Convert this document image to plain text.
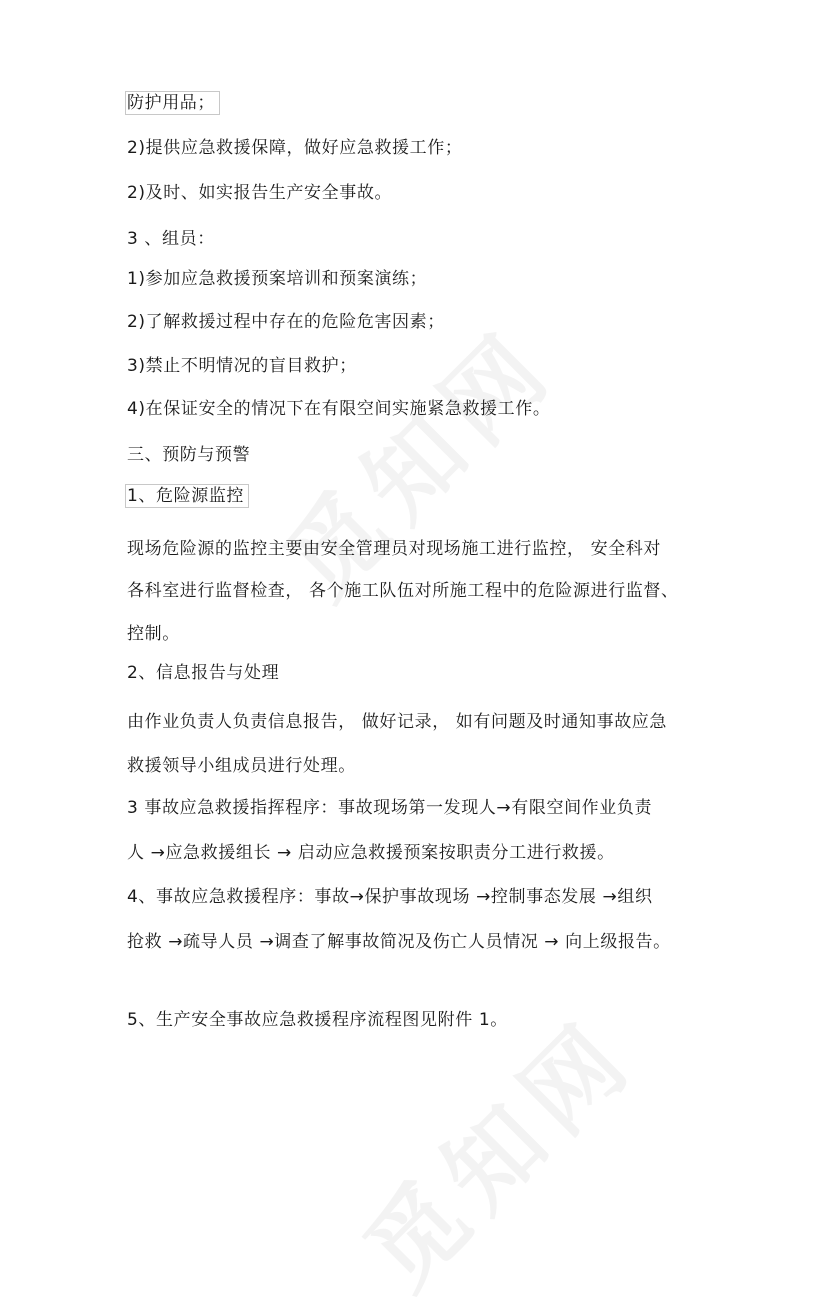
防护用品；
2)提供应急救援保障，做好应急救援工作；
2)及时、如实报告生产安全事故。
3 、组员：
1)参加应急救援预案培训和预案演练；
2)了解救援过程中存在的危险危害因素；
3)禁止不明情况的盲目救护；
4)在保证安全的情况下在有限空间实施紧急救援工作。
三、预防与预警
1、危险源监控
现场危险源的监控主要由安全管理员对现场施工进行监控， 安全科对
各科室进行监督检查， 各个施工队伍对所施工程中的危险源进行监督、
控制。
2、信息报告与处理
由作业负责人负责信息报告， 做好记录， 如有问题及时通知事故应急
救援领导小组成员进行处理。
3 事故应急救援指挥程序：事故现场第一发现人→有限空间作业负责
人 →应急救援组长 → 启动应急救援预案按职责分工进行救援。
4、事故应急救援程序：事故→保护事故现场 →控制事态发展 →组织
抢救 →疏导人员 →调查了解事故简况及伤亡人员情况 → 向上级报告。
5、生产安全事故应急救援程序流程图见附件 1。
